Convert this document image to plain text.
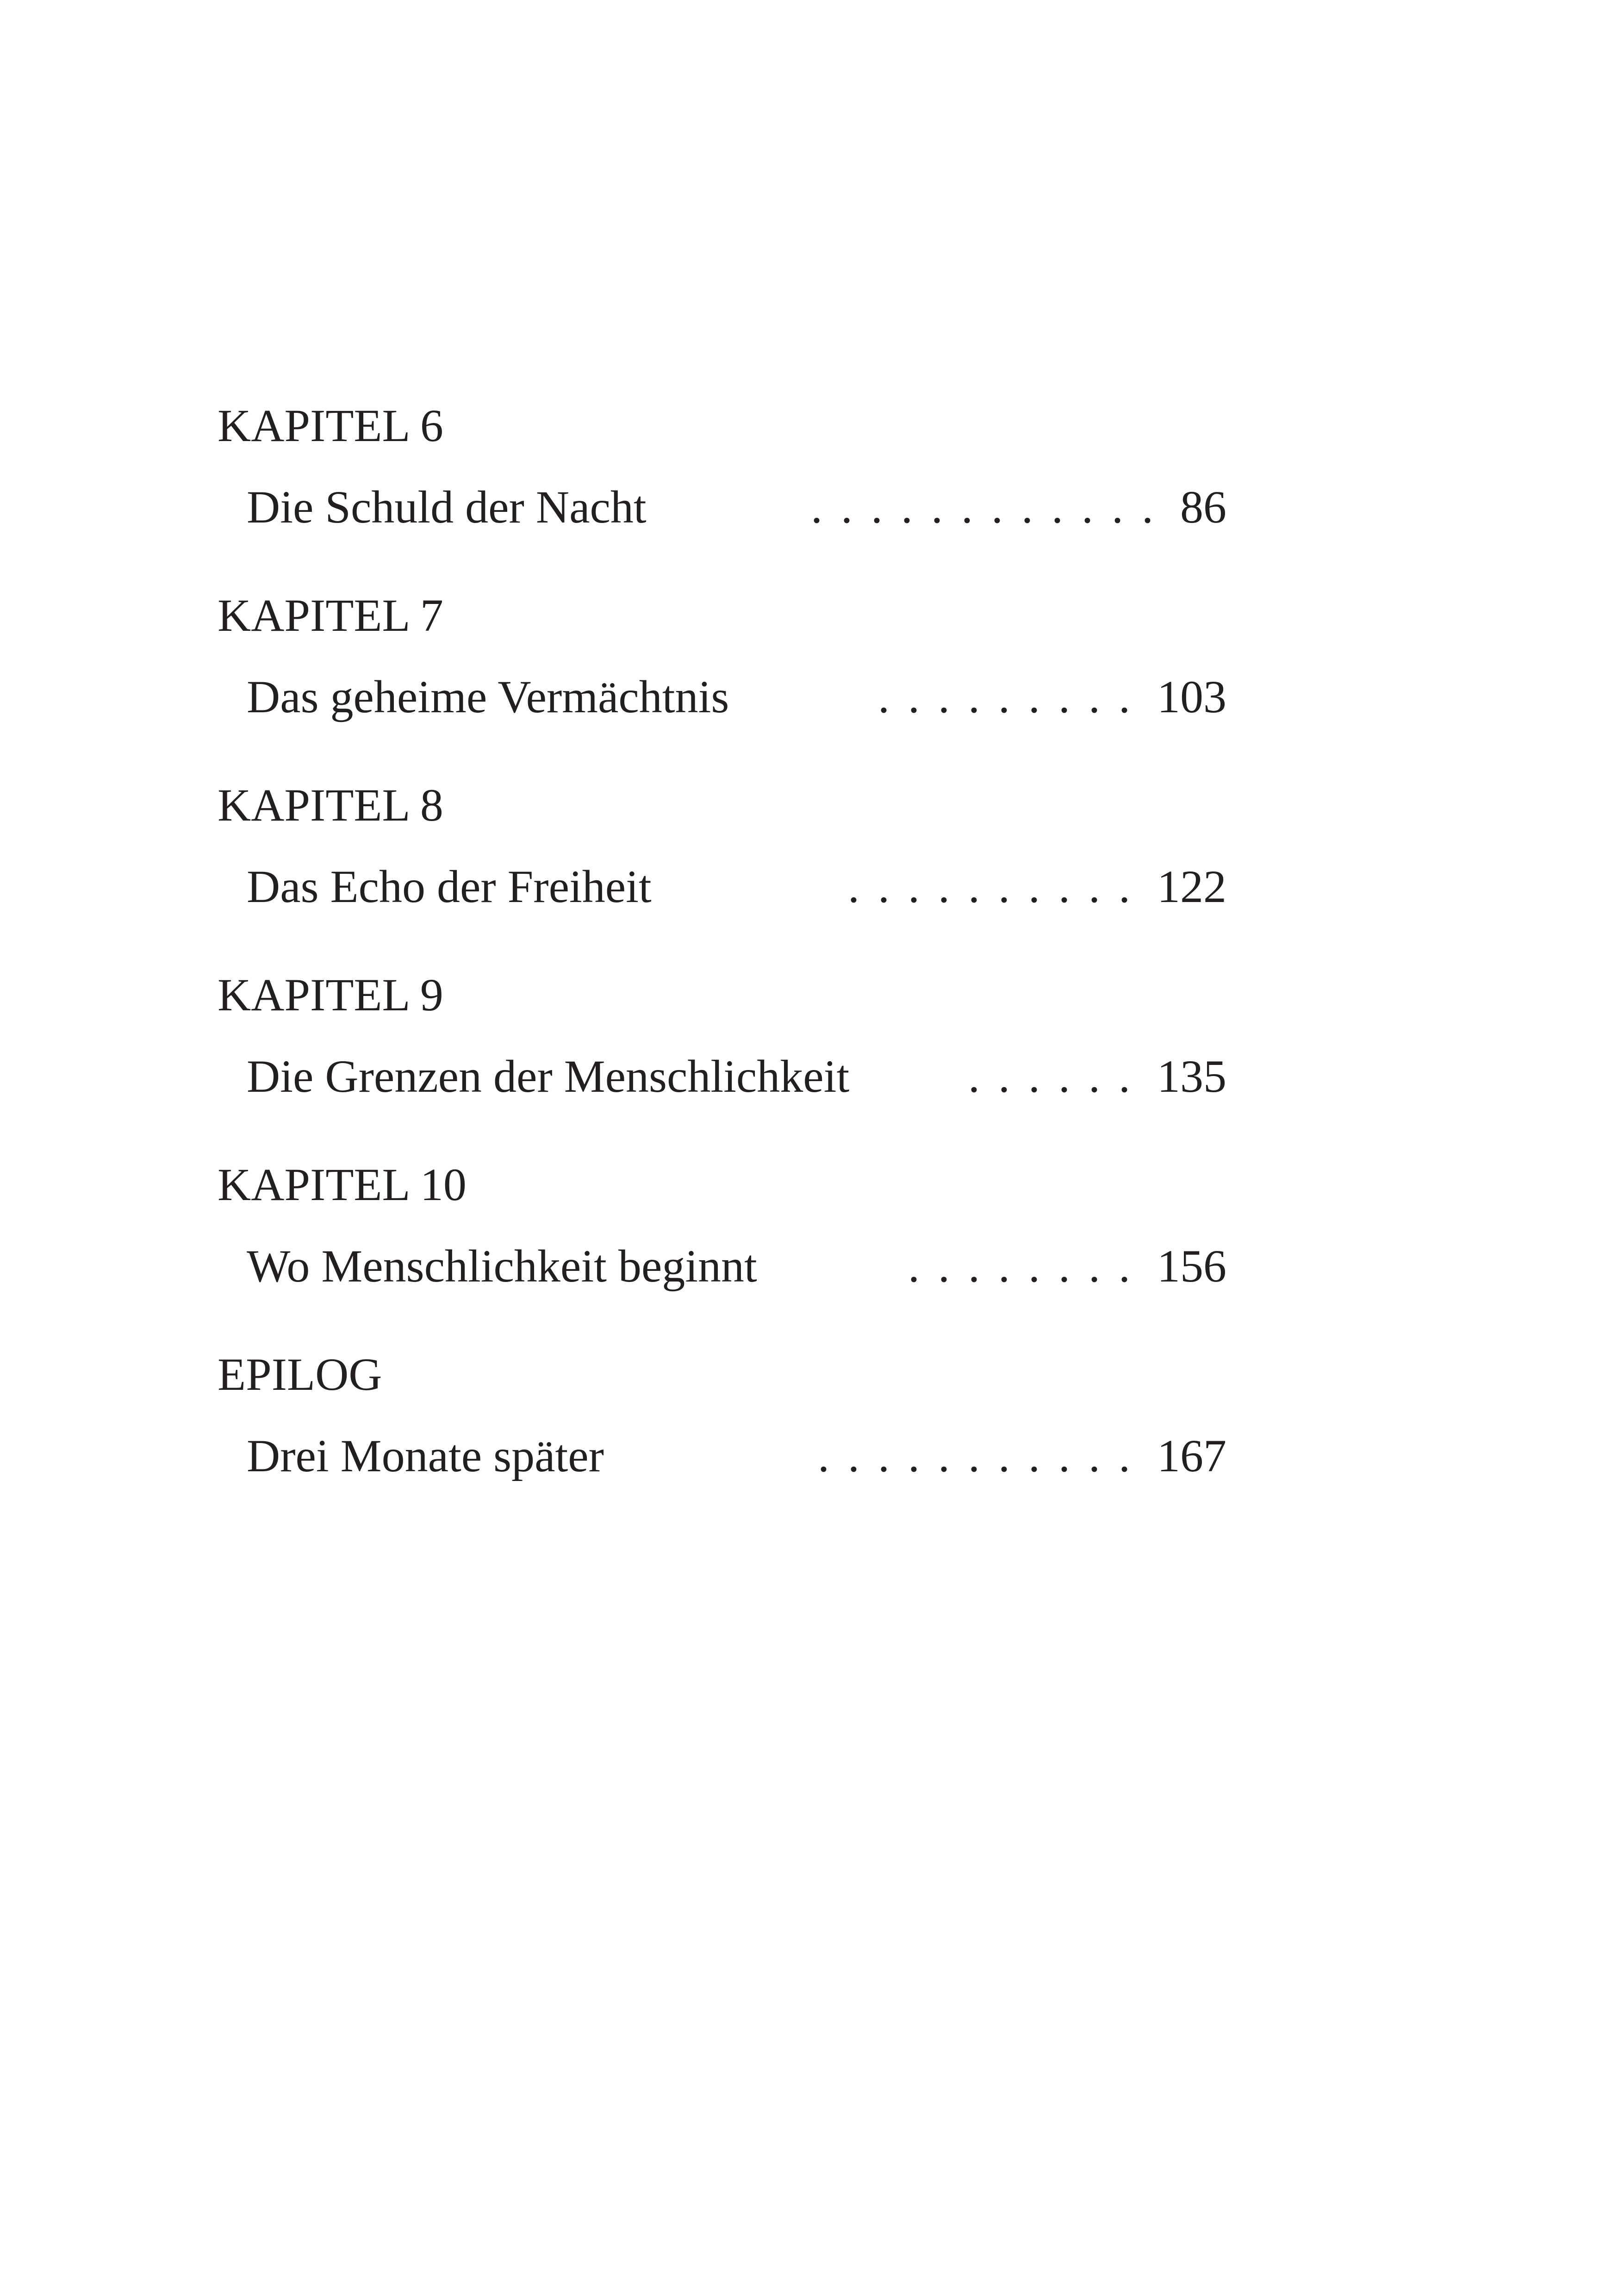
KAPITEL 6
Die Schuld der Nacht	............ 86
KAPITEL 7
Das geheime Vermächtnis	......... 103
KAPITEL 8
Das Echo der Freiheit	.......... 122
KAPITEL 9
Die Grenzen der Menschlichkeit	...... 135
KAPITEL 10
Wo Menschlichkeit beginnt	........ 156
EPILOG
Drei Monate später	........... 167
